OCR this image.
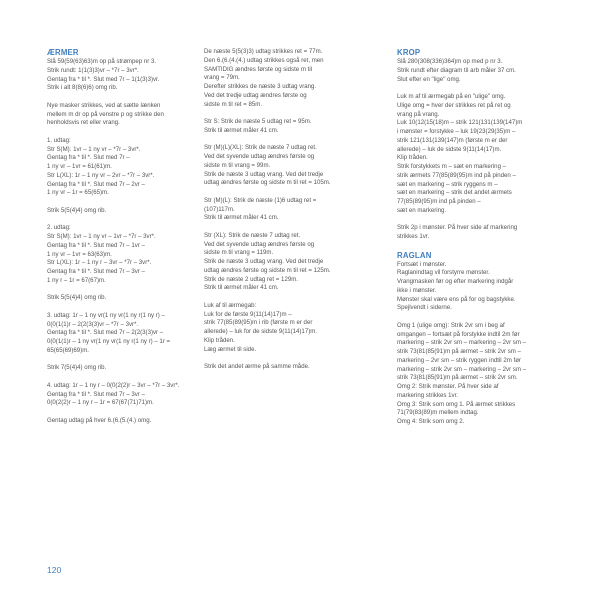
ÆRMER
Slå 59(59(63)63)m op på strømpep nr 3.
Strik rundt: 1(1(3)3)vr – *7r – 3vr*.
Gentag fra * til *. Slut med 7r – 1(1(3)3)vr.
Strik i alt 8(8(6)6) omg rib.
Nye masker strikkes, ved at sætte lænken
mellem m dr op på venstre p og strikke den
henholdsvis ret eller vrang.
1. udtag:
Str S(M): 1vr – 1 ny vr – *7r – 3vr*.
Gentag fra * til *. Slut med 7r –
1 ny vr – 1vr = 61(61)m.
Str L(XL): 1r – 1 ny vr – 2vr – *7r – 3vr*.
Gentag fra * til *. Slut med 7r – 2vr –
1 ny vr – 1r = 65(65)m.
Strik 5(5(4)4) omg rib.
2. udtag:
Str S(M): 1vr – 1 ny vr – 1vr – *7r – 3vr*.
Gentag fra * til *. Slut med 7r – 1vr –
1 ny vr – 1vr = 63(63)m.
Str L(XL): 1r – 1 ny r – 3vr – *7r – 3vr*.
Gentag fra * til *. Slut med 7r – 3vr –
1 ny r – 1r = 67(67)m.
Strik 5(5(4)4) omg rib.
3. udtag: 1r – 1 ny vr(1 ny vr(1 ny r(1 ny r) –
0(0(1(1)r – 2(2(3(3)vr – *7r – 3vr*.
Gentag fra * til *. Slut med 7r – 2(2(3(3)vr –
0(0(1(1)r – 1 ny vr(1 ny vr(1 ny r(1 ny r) – 1r =
65(65(69)69)m.
Strik 7(5(4)4) omg rib.
4. udtag: 1r – 1 ny r – 0(0(2(2)r – 3vr – *7r – 3vr*.
Gentag fra * til *. Slut med 7r – 3vr –
0(0(2(2)r – 1 ny r – 1r = 67(67(71)71)m.
Gentag udtag på hver 6.(6.(5.(4.) omg.
De næste 5(5(3)3) udtag strikkes ret = 77m.
Den 6.(6.(4.(4.) udtag strikkes også ret, men
SAMTIDIG ændres første og sidste m til
vrang = 79m.
Derefter strikkes de næste 3 udtag vrang.
Ved det tredje udtag ændres første og
sidste m til ret = 85m.
Str S: Strik de næste 5 udtag ret = 95m.
Strik til ærmet måler 41 cm.
Str (M)(L)(XL): Strik de næste 7 udtag ret.
Ved det syvende udtag ændres første og
sidste m til vrang = 99m.
Strik de næste 3 udtag vrang. Ved det tredje
udtag ændres første og sidste m til ret = 105m.
Str (M)(L): Strik de næste (1)6 udtag ret =
(107)117m.
Strik til ærmet måler 41 cm.
Str (XL): Strik de næste 7 udtag ret.
Ved det syvende udtag ændres første og
sidste m til vrang = 119m.
Strik de næste 3 udtag vrang. Ved det tredje
udtag ændres første og sidste m til ret = 125m.
Strik de næste 2 udtag ret = 129m.
Strik til ærmet måler 41 cm.
Luk af til ærmegab:
Luk for de første 9(11(14)17)m –
strik 77(85(89(95)m i rib (første m er der
allerede) – luk for de sidste 9(11(14)17)m.
Klip tråden.
Læg ærmet til side.
Strik det andet ærme på samme måde.
KROP
Slå 280(308(336)364)m op med p nr 3.
Strik rundt efter diagram til arb måler 37 cm.
Slut efter en "lige" omg.
Luk m af til ærmegab på en "ulige" omg.
Ulige omg = hver der strikkes ret på ret og
vrang på vrang.
Luk 10(12(15(18)m – strik 121(131(139(147)m
i mønster = forstykke – luk 19(23(29(35)m –
strik 121(131(139(147)m (første m er der
allerede) – luk de sidste 9(11(14(17)m.
Klip tråden.
Strik forstykkets m – sæt en markering –
strik ærmets 77(85(89(95)m ind på pinden –
sæt en markering – strik ryggens m –
sæt en markering – strik det andet ærmets
77(85(89(95)m ind på pinden –
sæt en markering.
Strik 2p i mønster. På hver side af markering
strikkes 1vr.
RAGLAN
Fortsæt i mønster.
Raglanindtag vil forstyrre mønster.
Vrangmasken før og efter markering indgår
ikke i mønster.
Mønster skal være ens på for og bagstykke.
Spejlvendt i siderne.
Omg 1 (ulige omg): Strik 2vr sm i beg af
omgangen – fortsæt på forstykke indtil 2m før
markering – strik 2vr sm – markering – 2vr sm –
strik 73(81(85(91)m på ærmet – strik 2vr sm –
markering – 2vr sm – strik ryggen indtil 2m før
markering – strik 2vr sm – markering – 2vr sm –
strik 73(81(85(91)m på ærmet – strik 2vr sm.
Omg 2: Strik mønster. På hver side af
markering strikkes 1vr.
Omg 3: Strik som omg 1. På ærmet strikkes
71(79(83(89)m mellem indtag.
Omg 4: Strik som omg 2.
120
